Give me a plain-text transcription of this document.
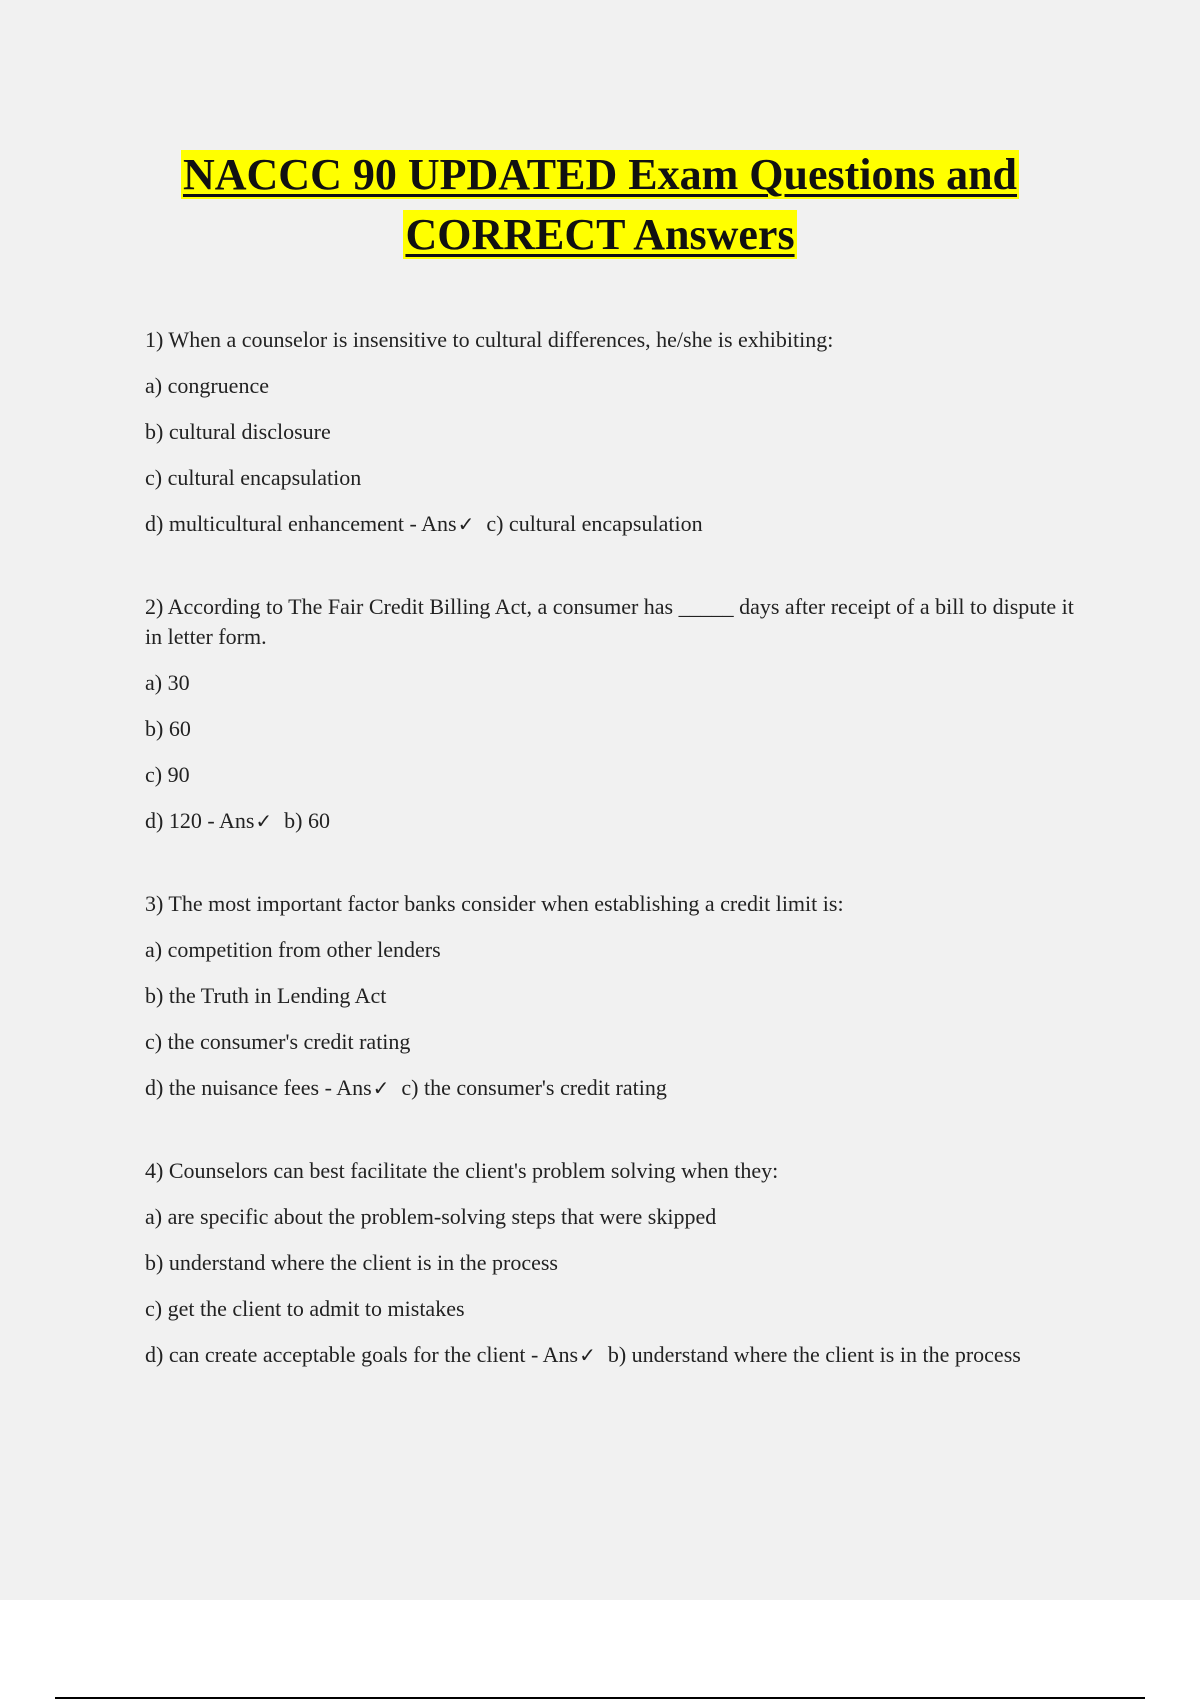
NACCC 90 UPDATED Exam Questions and
CORRECT Answers

1) When a counselor is insensitive to cultural differences, he/she is exhibiting:

a) congruence

b) cultural disclosure

c) cultural encapsulation

d) multicultural enhancement - Ans✓ c) cultural encapsulation

2) According to The Fair Credit Billing Act, a consumer has _____ days after receipt of a bill to dispute it in letter form.

a) 30

b) 60

c) 90

d) 120 - Ans✓ b) 60

3) The most important factor banks consider when establishing a credit limit is:

a) competition from other lenders

b) the Truth in Lending Act

c) the consumer's credit rating

d) the nuisance fees - Ans✓ c) the consumer's credit rating

4) Counselors can best facilitate the client's problem solving when they:

a) are specific about the problem-solving steps that were skipped

b) understand where the client is in the process

c) get the client to admit to mistakes

d) can create acceptable goals for the client - Ans✓ b) understand where the client is in the process
